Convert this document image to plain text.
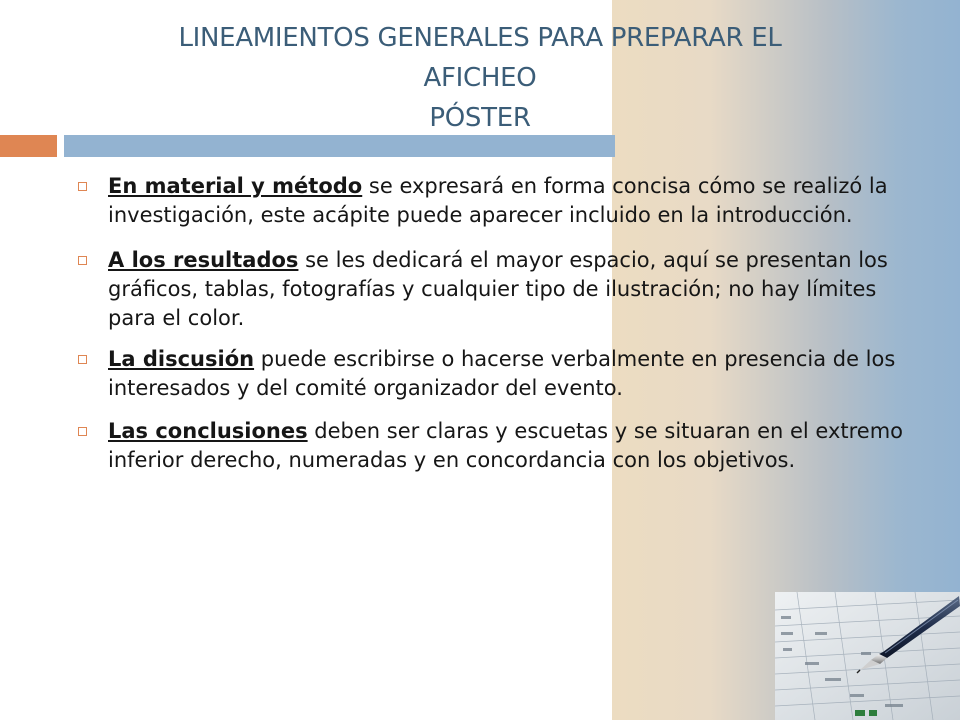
LINEAMIENTOS GENERALES PARA PREPARAR EL AFICHEO
PÓSTER
En material y método se expresará en forma concisa cómo se realizó la investigación, este acápite puede aparecer incluido en la introducción.
A los resultados se les dedicará el mayor espacio, aquí se presentan los gráficos, tablas, fotografías y cualquier tipo de ilustración; no hay límites para el color.
La discusión puede escribirse o hacerse verbalmente en presencia de los interesados y del comité organizador del evento.
Las conclusiones deben ser claras y escuetas y se situaran en el extremo inferior derecho, numeradas y en concordancia con los objetivos.
